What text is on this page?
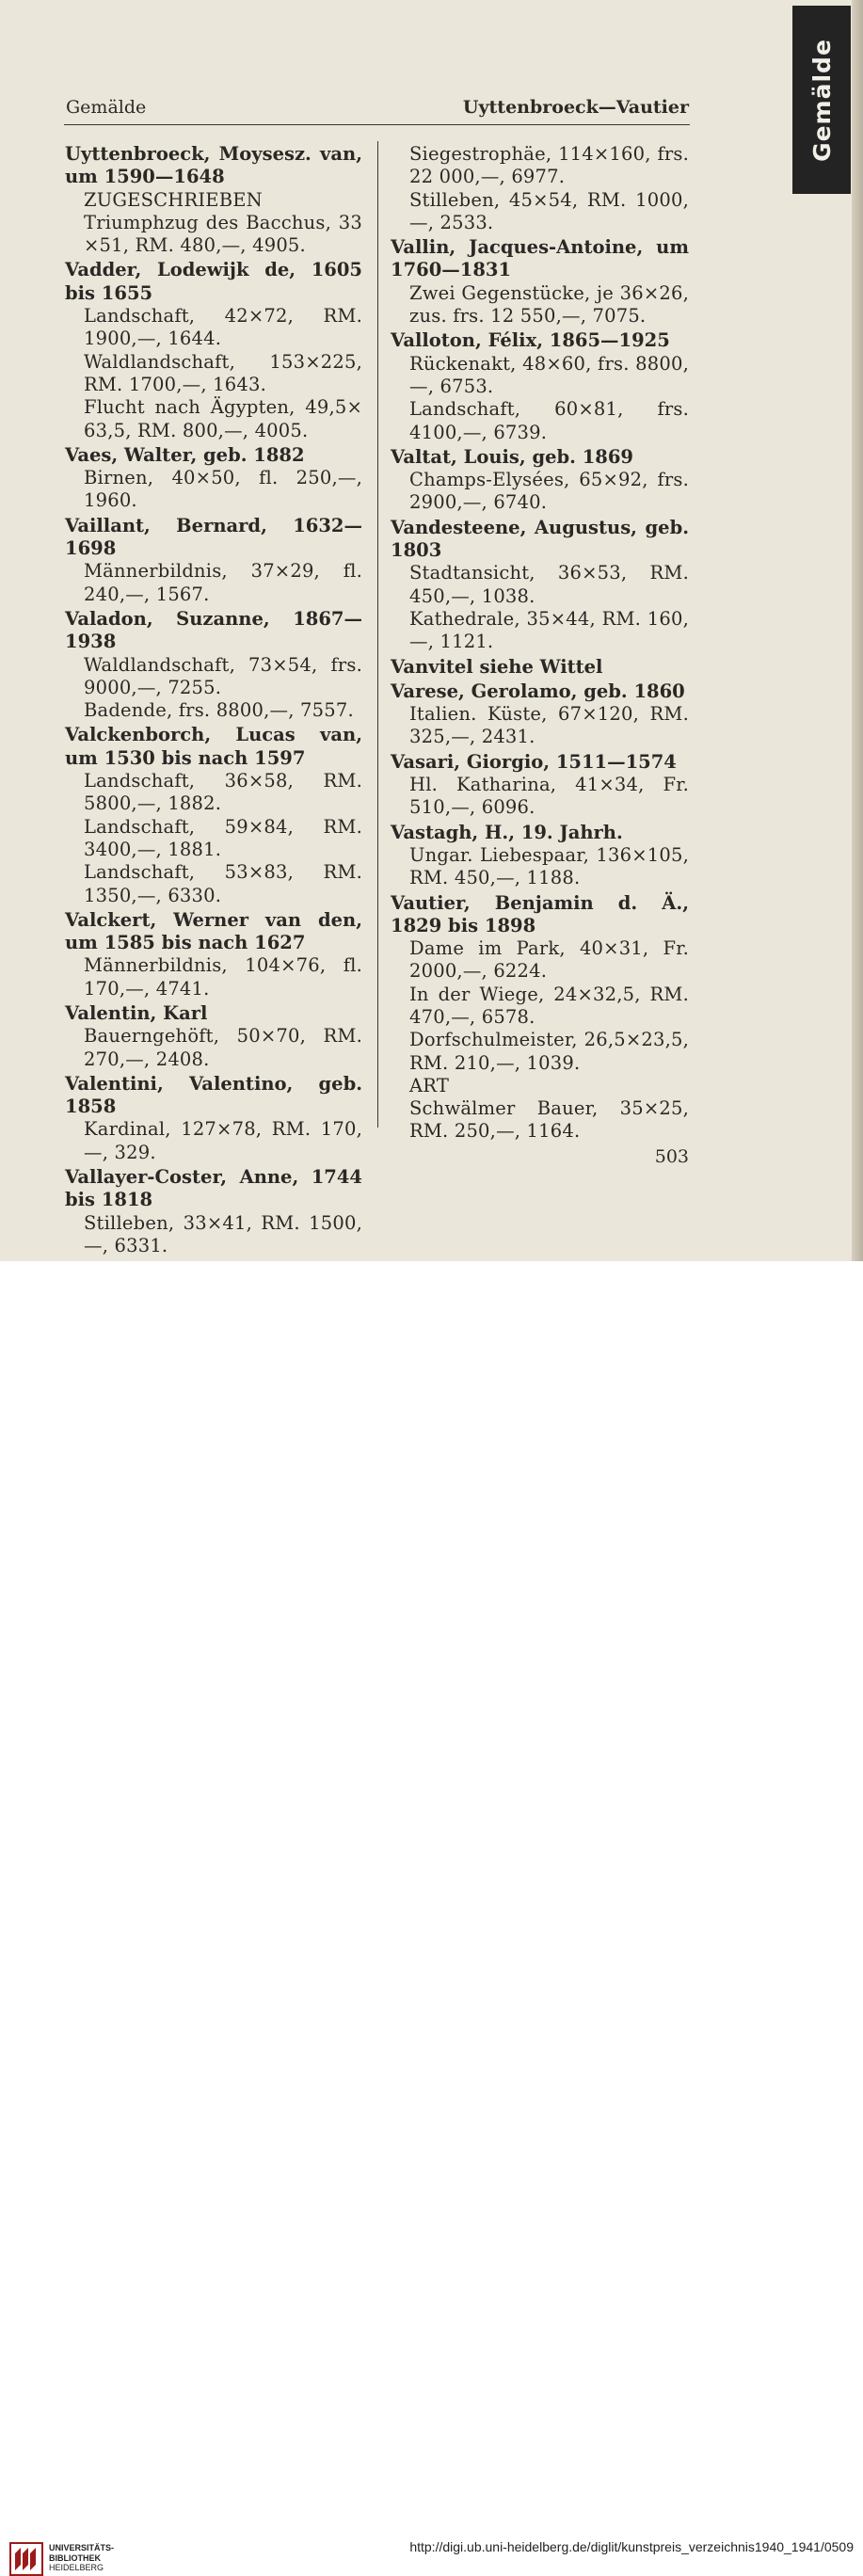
Gemälde
Gemälde	Uyttenbroeck—Vautier
Uyttenbroeck, Moysesz. van, um 1590—1648
ZUGESCHRIEBEN
Triumphzug des Bacchus, 33 ×51, RM. 480,—, 4905.
Vadder, Lodewijk de, 1605 bis 1655
Landschaft, 42×72, RM. 1900,—, 1644.
Waldlandschaft, 153×225, RM. 1700,—, 1643.
Flucht nach Ägypten, 49,5× 63,5, RM. 800,—, 4005.
Vaes, Walter, geb. 1882
Birnen, 40×50, fl. 250,—, 1960.
Vaillant, Bernard, 1632—1698
Männerbildnis, 37×29, fl. 240,—, 1567.
Valadon, Suzanne, 1867—1938
Waldlandschaft, 73×54, frs. 9000,—, 7255.
Badende, frs. 8800,—, 7557.
Valckenborch, Lucas van, um 1530 bis nach 1597
Landschaft, 36×58, RM. 5800,—, 1882.
Landschaft, 59×84, RM. 3400,—, 1881.
Landschaft, 53×83, RM. 1350,—, 6330.
Valckert, Werner van den, um 1585 bis nach 1627
Männerbildnis, 104×76, fl. 170,—, 4741.
Valentin, Karl
Bauerngehöft, 50×70, RM. 270,—, 2408.
Valentini, Valentino, geb. 1858
Kardinal, 127×78, RM. 170,—, 329.
Vallayer-Coster, Anne, 1744 bis 1818
Stilleben, 33×41, RM. 1500,—, 6331.
Siegestrophäe, 114×160, frs. 22 000,—, 6977.
Stilleben, 45×54, RM. 1000,—, 2533.
Vallin, Jacques-Antoine, um 1760—1831
Zwei Gegenstücke, je 36×26, zus. frs. 12 550,—, 7075.
Valloton, Félix, 1865—1925
Rückenakt, 48×60, frs. 8800,—, 6753.
Landschaft, 60×81, frs. 4100,—, 6739.
Valtat, Louis, geb. 1869
Champs-Elysées, 65×92, frs. 2900,—, 6740.
Vandesteene, Augustus, geb. 1803
Stadtansicht, 36×53, RM. 450,—, 1038.
Kathedrale, 35×44, RM. 160,—, 1121.
Vanvitel siehe Wittel
Varese, Gerolamo, geb. 1860
Italien. Küste, 67×120, RM. 325,—, 2431.
Vasari, Giorgio, 1511—1574
Hl. Katharina, 41×34, Fr. 510,—, 6096.
Vastagh, H., 19. Jahrh.
Ungar. Liebespaar, 136×105, RM. 450,—, 1188.
Vautier, Benjamin d. Ä., 1829 bis 1898
Dame im Park, 40×31, Fr. 2000,—, 6224.
In der Wiege, 24×32,5, RM. 470,—, 6578.
Dorfschulmeister, 26,5×23,5, RM. 210,—, 1039.
ART
Schwälmer Bauer, 35×25, RM. 250,—, 1164.
503
UNIVERSITÄTS-
BIBLIOTHEK
HEIDELBERG
http://digi.ub.uni-heidelberg.de/diglit/kunstpreis_verzeichnis1940_1941/0509
